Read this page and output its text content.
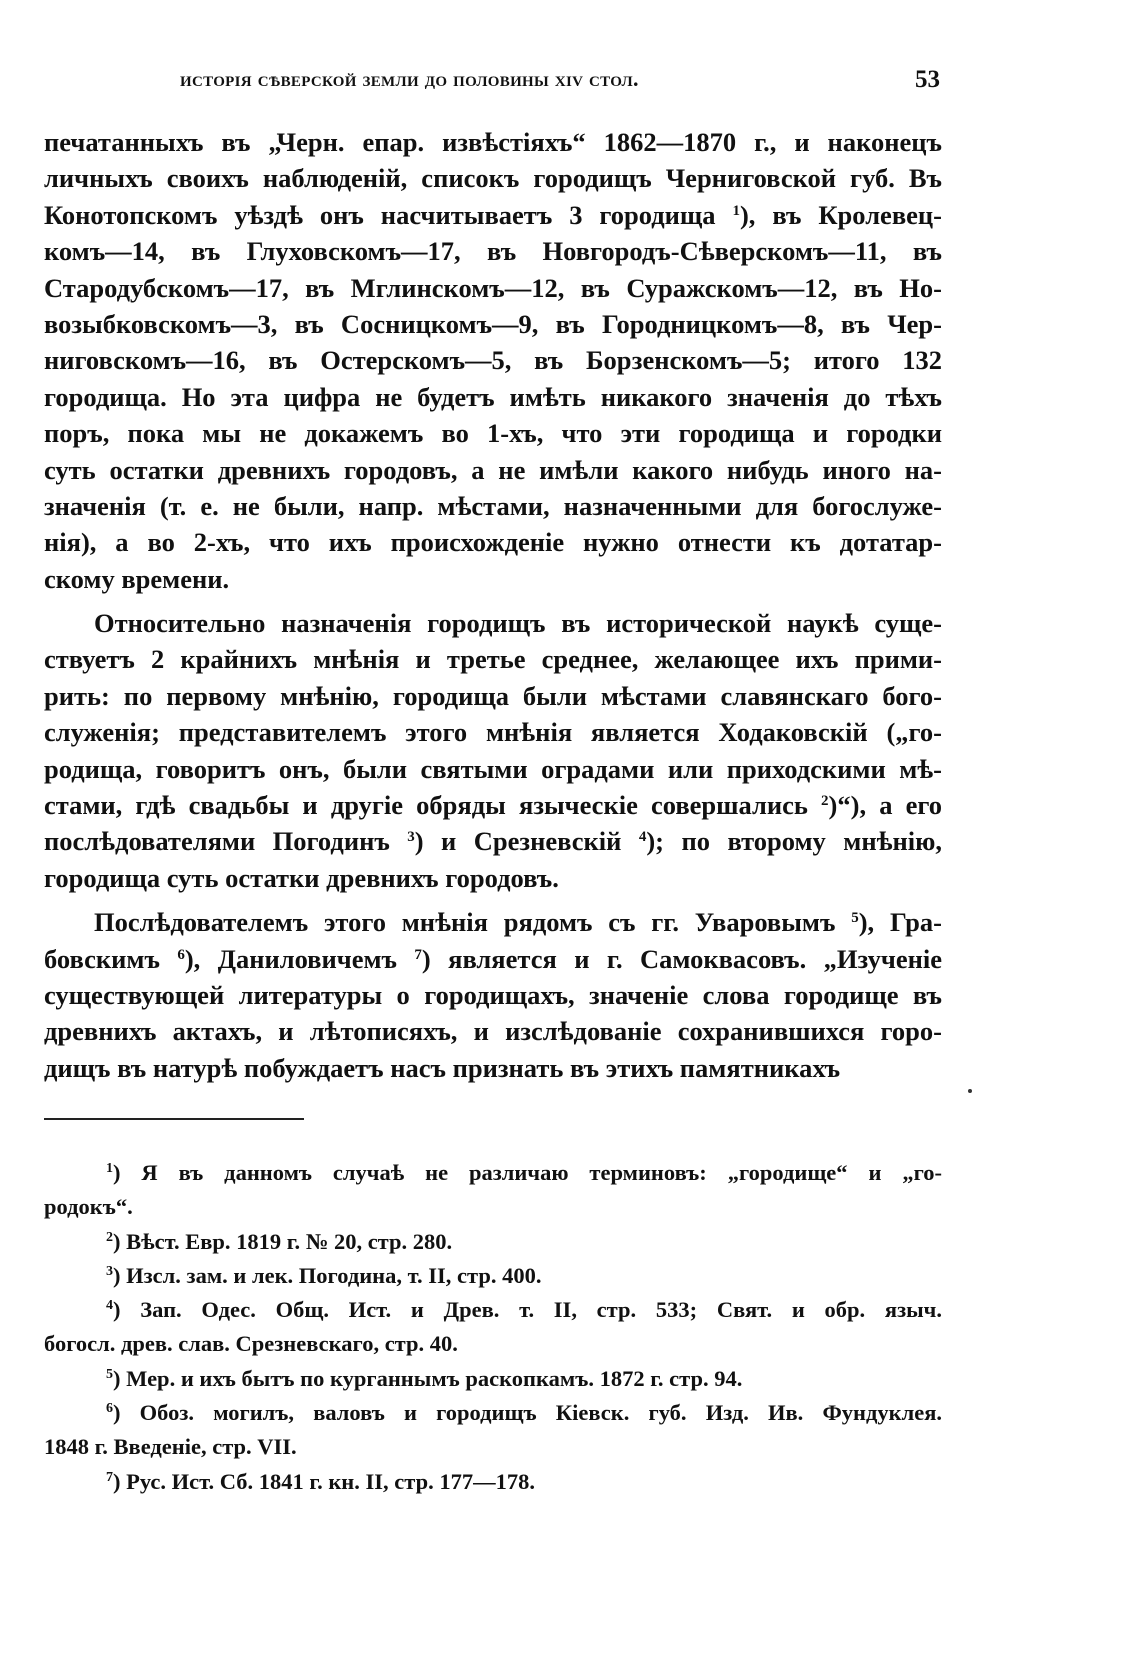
исторія сѣверской земли до половины xiv стол.	53
печатанныхъ въ „Черн. епар. извѣстіяхъ“ 1862—1870 г., и наконецъ
личныхъ своихъ наблюденій, списокъ городищъ Черниговской губ. Въ
Конотопскомъ уѣздѣ онъ насчитываетъ 3 городища $^1$), въ Кролевец-
комъ—14, въ Глуховскомъ—17, въ Новгородъ-Сѣверскомъ—11, въ
Стародубскомъ—17, въ Мглинскомъ—12, въ Суражскомъ—12, въ Но-
возыбковскомъ—3, въ Сосницкомъ—9, въ Городницкомъ—8, въ Чер-
ниговскомъ—16, въ Остерскомъ—5, въ Борзенскомъ—5; итого 132
городища. Но эта цифра не будетъ имѣть никакого значенія до тѣхъ
поръ, пока мы не докажемъ во 1-хъ, что эти городища и городки
суть остатки древнихъ городовъ, а не имѣли какого нибудь иного на-
значенія (т. е. не были, напр. мѣстами, назначенными для богослуже-
нія), а во 2-хъ, что ихъ происхожденіе нужно отнести къ дотатар-
скому времени.
Относительно назначенія городищъ въ исторической наукѣ суще-
ствуетъ 2 крайнихъ мнѣнія и третье среднее, желающее ихъ прими-
рить: по первому мнѣнію, городища были мѣстами славянскаго бого-
служенія; представителемъ этого мнѣнія является Ходаковскій („го-
родища, говоритъ онъ, были святыми оградами или приходскими мѣ-
стами, гдѣ свадьбы и другіе обряды языческіе совершались $^2$)“), а его
послѣдователями Погодинъ $^3$) и Срезневскій $^4$); по второму мнѣнію,
городища суть остатки древнихъ городовъ.
Послѣдователемъ этого мнѣнія рядомъ съ гг. Уваровымъ $^5$), Гра-
бовскимъ $^6$), Даниловичемъ $^7$) является и г. Самоквасовъ. „Изученіе
существующей литературы о городищахъ, значеніе слова городище въ
древнихъ актахъ, и лѣтописяхъ, и изслѣдованіе сохранившихся горо-
дищъ въ натурѣ побуждаетъ насъ признать въ этихъ памятникахъ
$^1$) Я въ данномъ случаѣ не различаю терминовъ: „городище“ и „го-
родокъ“.
$^2$) Вѣст. Евр. 1819 г. № 20, стр. 280.
$^3$) Изсл. зам. и лек. Погодина, т. II, стр. 400.
$^4$) Зап. Одес. Общ. Ист. и Древ. т. II, стр. 533; Свят. и обр. языч.
богосл. древ. слав. Срезневскаго, стр. 40.
$^5$) Мер. и ихъ бытъ по курганнымъ раскопкамъ. 1872 г. стр. 94.
$^6$) Обоз. могилъ, валовъ и городищъ Кіевск. губ. Изд. Ив. Фундуклея.
1848 г. Введеніе, стр. VII.
$^7$) Рус. Ист. Сб. 1841 г. кн. II, стр. 177—178.
